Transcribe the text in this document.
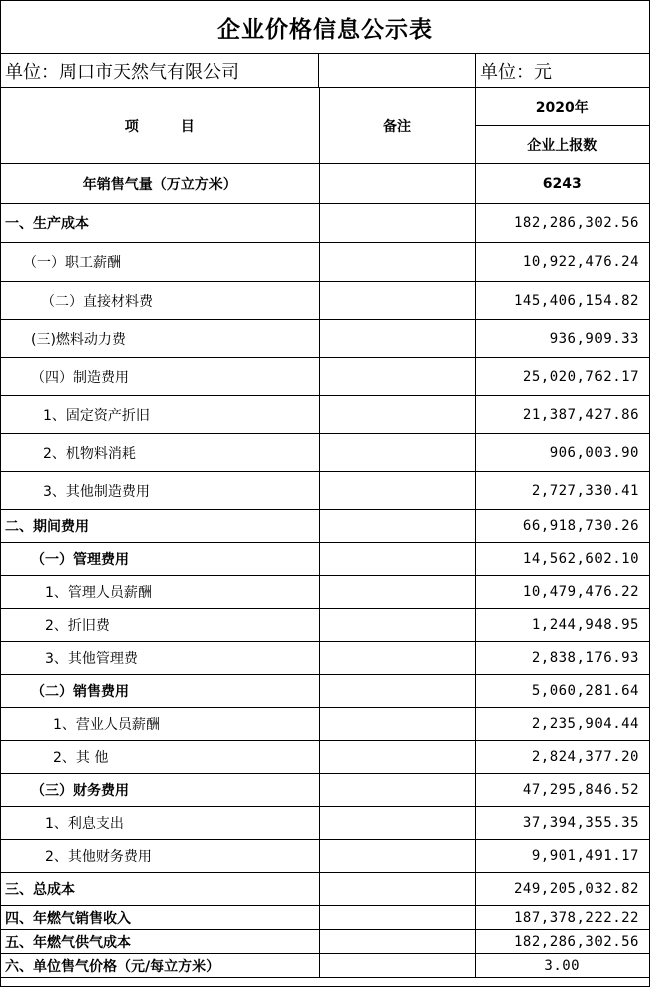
企业价格信息公示表
单位：周口市天然气有限公司	单位：元
项　　　目	备注	2020年
		企业上报数
年销售气量（万立方米）		6243
一、生产成本		182,286,302.56
（一）职工薪酬		10,922,476.24
（二）直接材料费		145,406,154.82
(三)燃料动力费		936,909.33
（四）制造费用		25,020,762.17
1、固定资产折旧		21,387,427.86
2、机物料消耗		906,003.90
3、其他制造费用		2,727,330.41
二、期间费用		66,918,730.26
（一）管理费用		14,562,602.10
1、管理人员薪酬		10,479,476.22
2、折旧费		1,244,948.95
3、其他管理费		2,838,176.93
（二）销售费用		5,060,281.64
1、营业人员薪酬		2,235,904.44
2、其 他		2,824,377.20
（三）财务费用		47,295,846.52
1、利息支出		37,394,355.35
2、其他财务费用		9,901,491.17
三、总成本		249,205,032.82
四、年燃气销售收入		187,378,222.22
五、年燃气供气成本		182,286,302.56
六、单位售气价格（元/每立方米）		3.00
